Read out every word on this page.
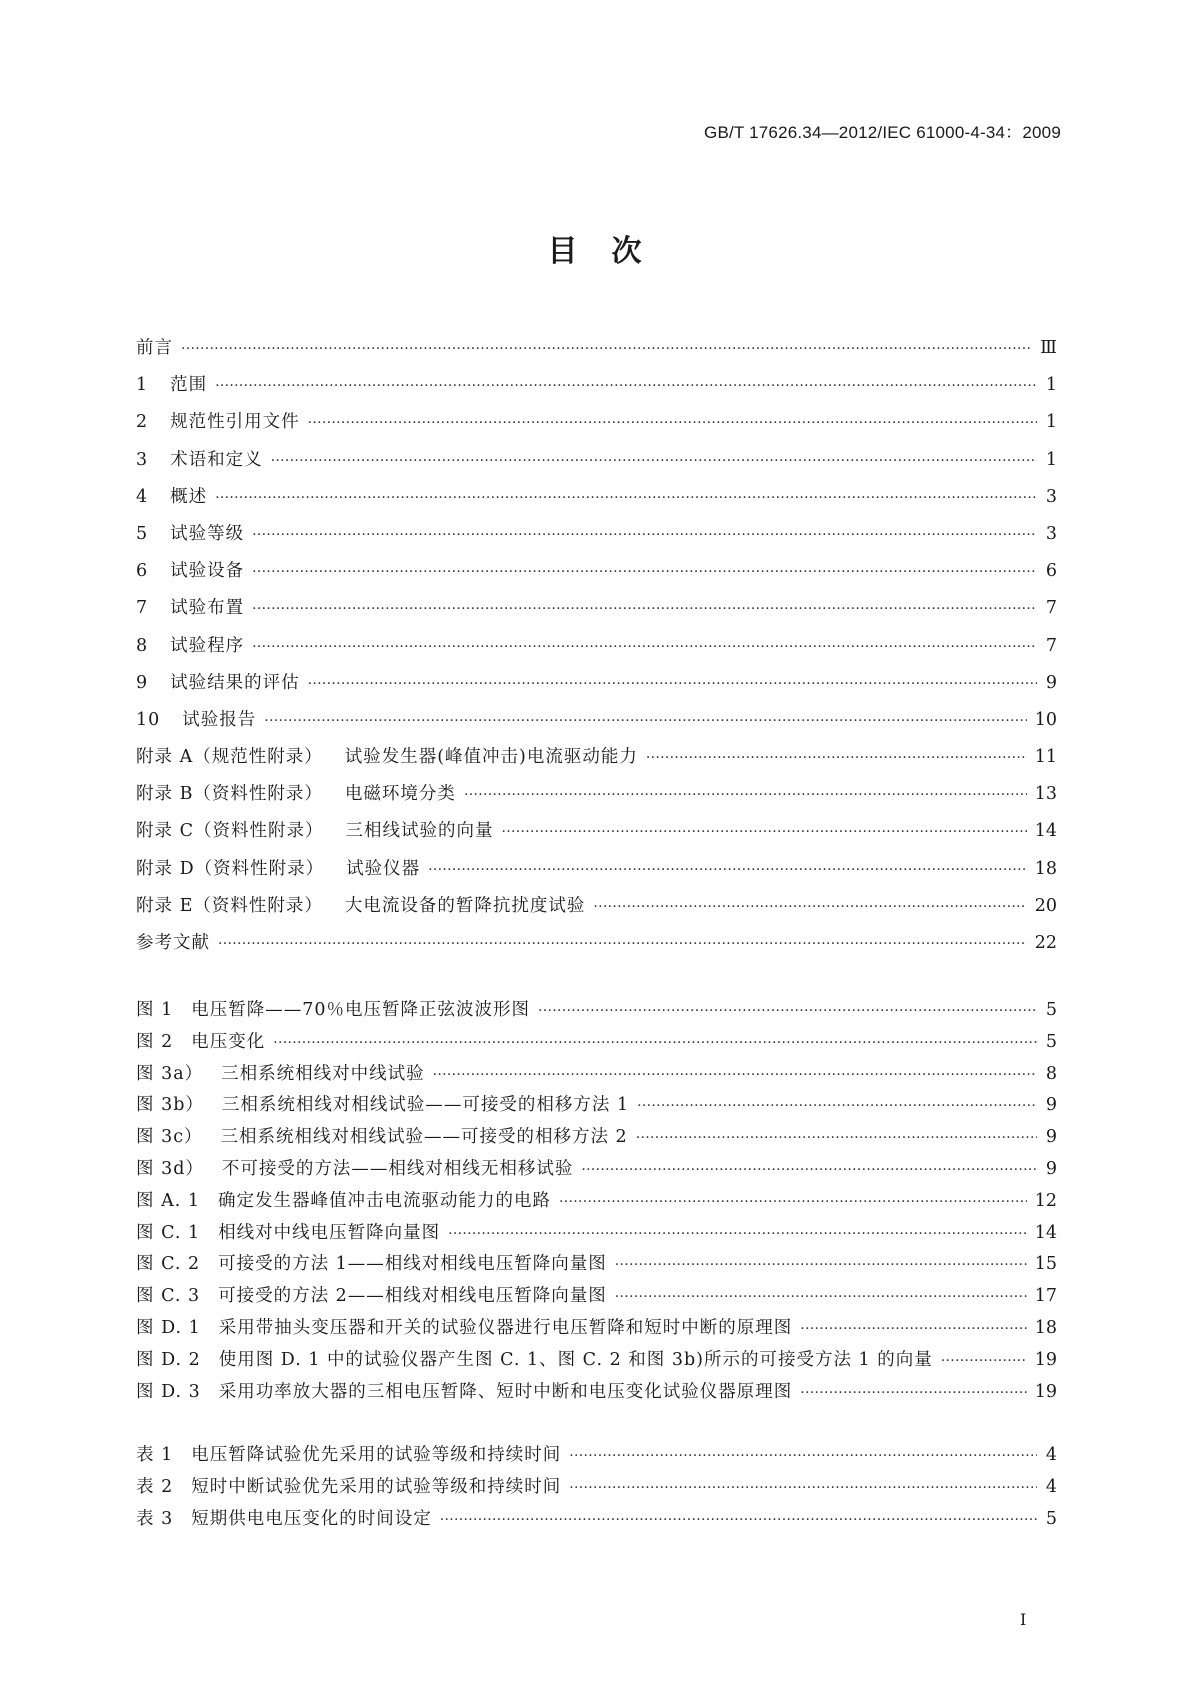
GB/T 17626.34—2012/IEC 61000-4-34：2009
目　次
前言 ·····	Ⅲ
1 范围 ·····	1
2 规范性引用文件 ·····	1
3 术语和定义 ·····	1
4 概述 ·····	3
5 试验等级 ·····	3
6 试验设备 ·····	6
7 试验布置 ·····	7
8 试验程序 ·····	7
9 试验结果的评估 ·····	9
10 试验报告 ·····	10
附录 A（规范性附录） 试验发生器(峰值冲击)电流驱动能力 ·····	11
附录 B（资料性附录） 电磁环境分类 ·····	13
附录 C（资料性附录） 三相线试验的向量 ·····	14
附录 D（资料性附录） 试验仪器 ·····	18
附录 E（资料性附录） 大电流设备的暂降抗扰度试验 ·····	20
参考文献 ·····	22
图 1 电压暂降——70％电压暂降正弦波波形图 ·····	5
图 2 电压变化 ·····	5
图 3a） 三相系统相线对中线试验 ·····	8
图 3b） 三相系统相线对相线试验——可接受的相移方法 1 ·····	9
图 3c） 三相系统相线对相线试验——可接受的相移方法 2 ·····	9
图 3d） 不可接受的方法——相线对相线无相移试验 ·····	9
图 A. 1 确定发生器峰值冲击电流驱动能力的电路 ·····	12
图 C. 1 相线对中线电压暂降向量图 ·····	14
图 C. 2 可接受的方法 1——相线对相线电压暂降向量图 ·····	15
图 C. 3 可接受的方法 2——相线对相线电压暂降向量图 ·····	17
图 D. 1 采用带抽头变压器和开关的试验仪器进行电压暂降和短时中断的原理图 ·····	18
图 D. 2 使用图 D. 1 中的试验仪器产生图 C. 1、图 C. 2 和图 3b)所示的可接受方法 1 的向量 ·····	19
图 D. 3 采用功率放大器的三相电压暂降、短时中断和电压变化试验仪器原理图 ·····	19
表 1 电压暂降试验优先采用的试验等级和持续时间 ·····	4
表 2 短时中断试验优先采用的试验等级和持续时间 ·····	4
表 3 短期供电电压变化的时间设定 ·····	5
Ⅰ
